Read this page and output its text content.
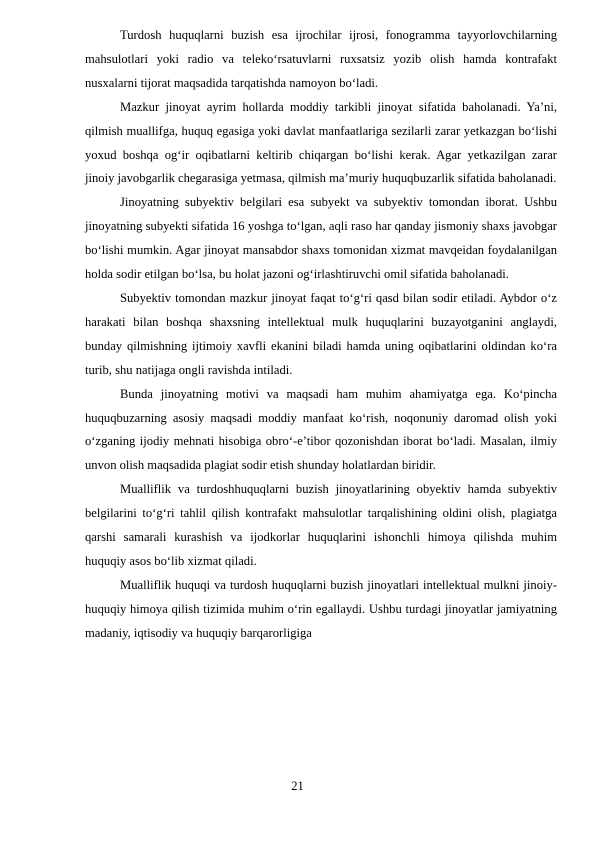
Turdosh huquqlarni buzish esa ijrochilar ijrosi, fonogramma tayyorlovchilarning mahsulotlari yoki radio va teleko‘rsatuvlarni ruxsatsiz yozib olish hamda kontrafakt nusxalarni tijorat maqsadida tarqatishda namoyon bo‘ladi.

Mazkur jinoyat ayrim hollarda moddiy tarkibli jinoyat sifatida baholanadi. Ya’ni, qilmish muallifga, huquq egasiga yoki davlat manfaatlariga sezilarli zarar yetkazgan bo‘lishi yoxud boshqa og‘ir oqibatlarni keltirib chiqargan bo‘lishi kerak. Agar yetkazilgan zarar jinoiy javobgarlik chegarasiga yetmasa, qilmish ma’muriy huquqbuzarlik sifatida baholanadi.

Jinoyatning subyektiv belgilari esa subyekt va subyektiv tomondan iborat. Ushbu jinoyatning subyekti sifatida 16 yoshga to‘lgan, aqli raso har qanday jismoniy shaxs javobgar bo‘lishi mumkin. Agar jinoyat mansabdor shaxs tomonidan xizmat mavqeidan foydalanilgan holda sodir etilgan bo‘lsa, bu holat jazoni og‘irlashtiruvchi omil sifatida baholanadi.

Subyektiv tomondan mazkur jinoyat faqat to‘g‘ri qasd bilan sodir etiladi. Aybdor o‘z harakati bilan boshqa shaxsning intellektual mulk huquqlarini buzayotganini anglaydi, bunday qilmishning ijtimoiy xavfli ekanini biladi hamda uning oqibatlarini oldindan ko‘ra turib, shu natijaga ongli ravishda intiladi.

Bunda jinoyatning motivi va maqsadi ham muhim ahamiyatga ega. Ko‘pincha huquqbuzarning asosiy maqsadi moddiy manfaat ko‘rish, noqonuniy daromad olish yoki o‘zganing ijodiy mehnati hisobiga obro‘-e’tibor qozonishdan iborat bo‘ladi. Masalan, ilmiy unvon olish maqsadida plagiat sodir etish shunday holatlardan biridir.

Mualliflik va turdoshhuquqlarni buzish jinoyatlarining obyektiv hamda subyektiv belgilarini to‘g‘ri tahlil qilish kontrafakt mahsulotlar tarqalishining oldini olish, plagiatga qarshi samarali kurashish va ijodkorlar huquqlarini ishonchli himoya qilishda muhim huquqiy asos bo‘lib xizmat qiladi.

Mualliflik huquqi va turdosh huquqlarni buzish jinoyatlari intellektual mulkni jinoiy-huquqiy himoya qilish tizimida muhim o‘rin egallaydi. Ushbu turdagi jinoyatlar jamiyatning madaniy, iqtisodiy va huquqiy barqarorligiga

21
